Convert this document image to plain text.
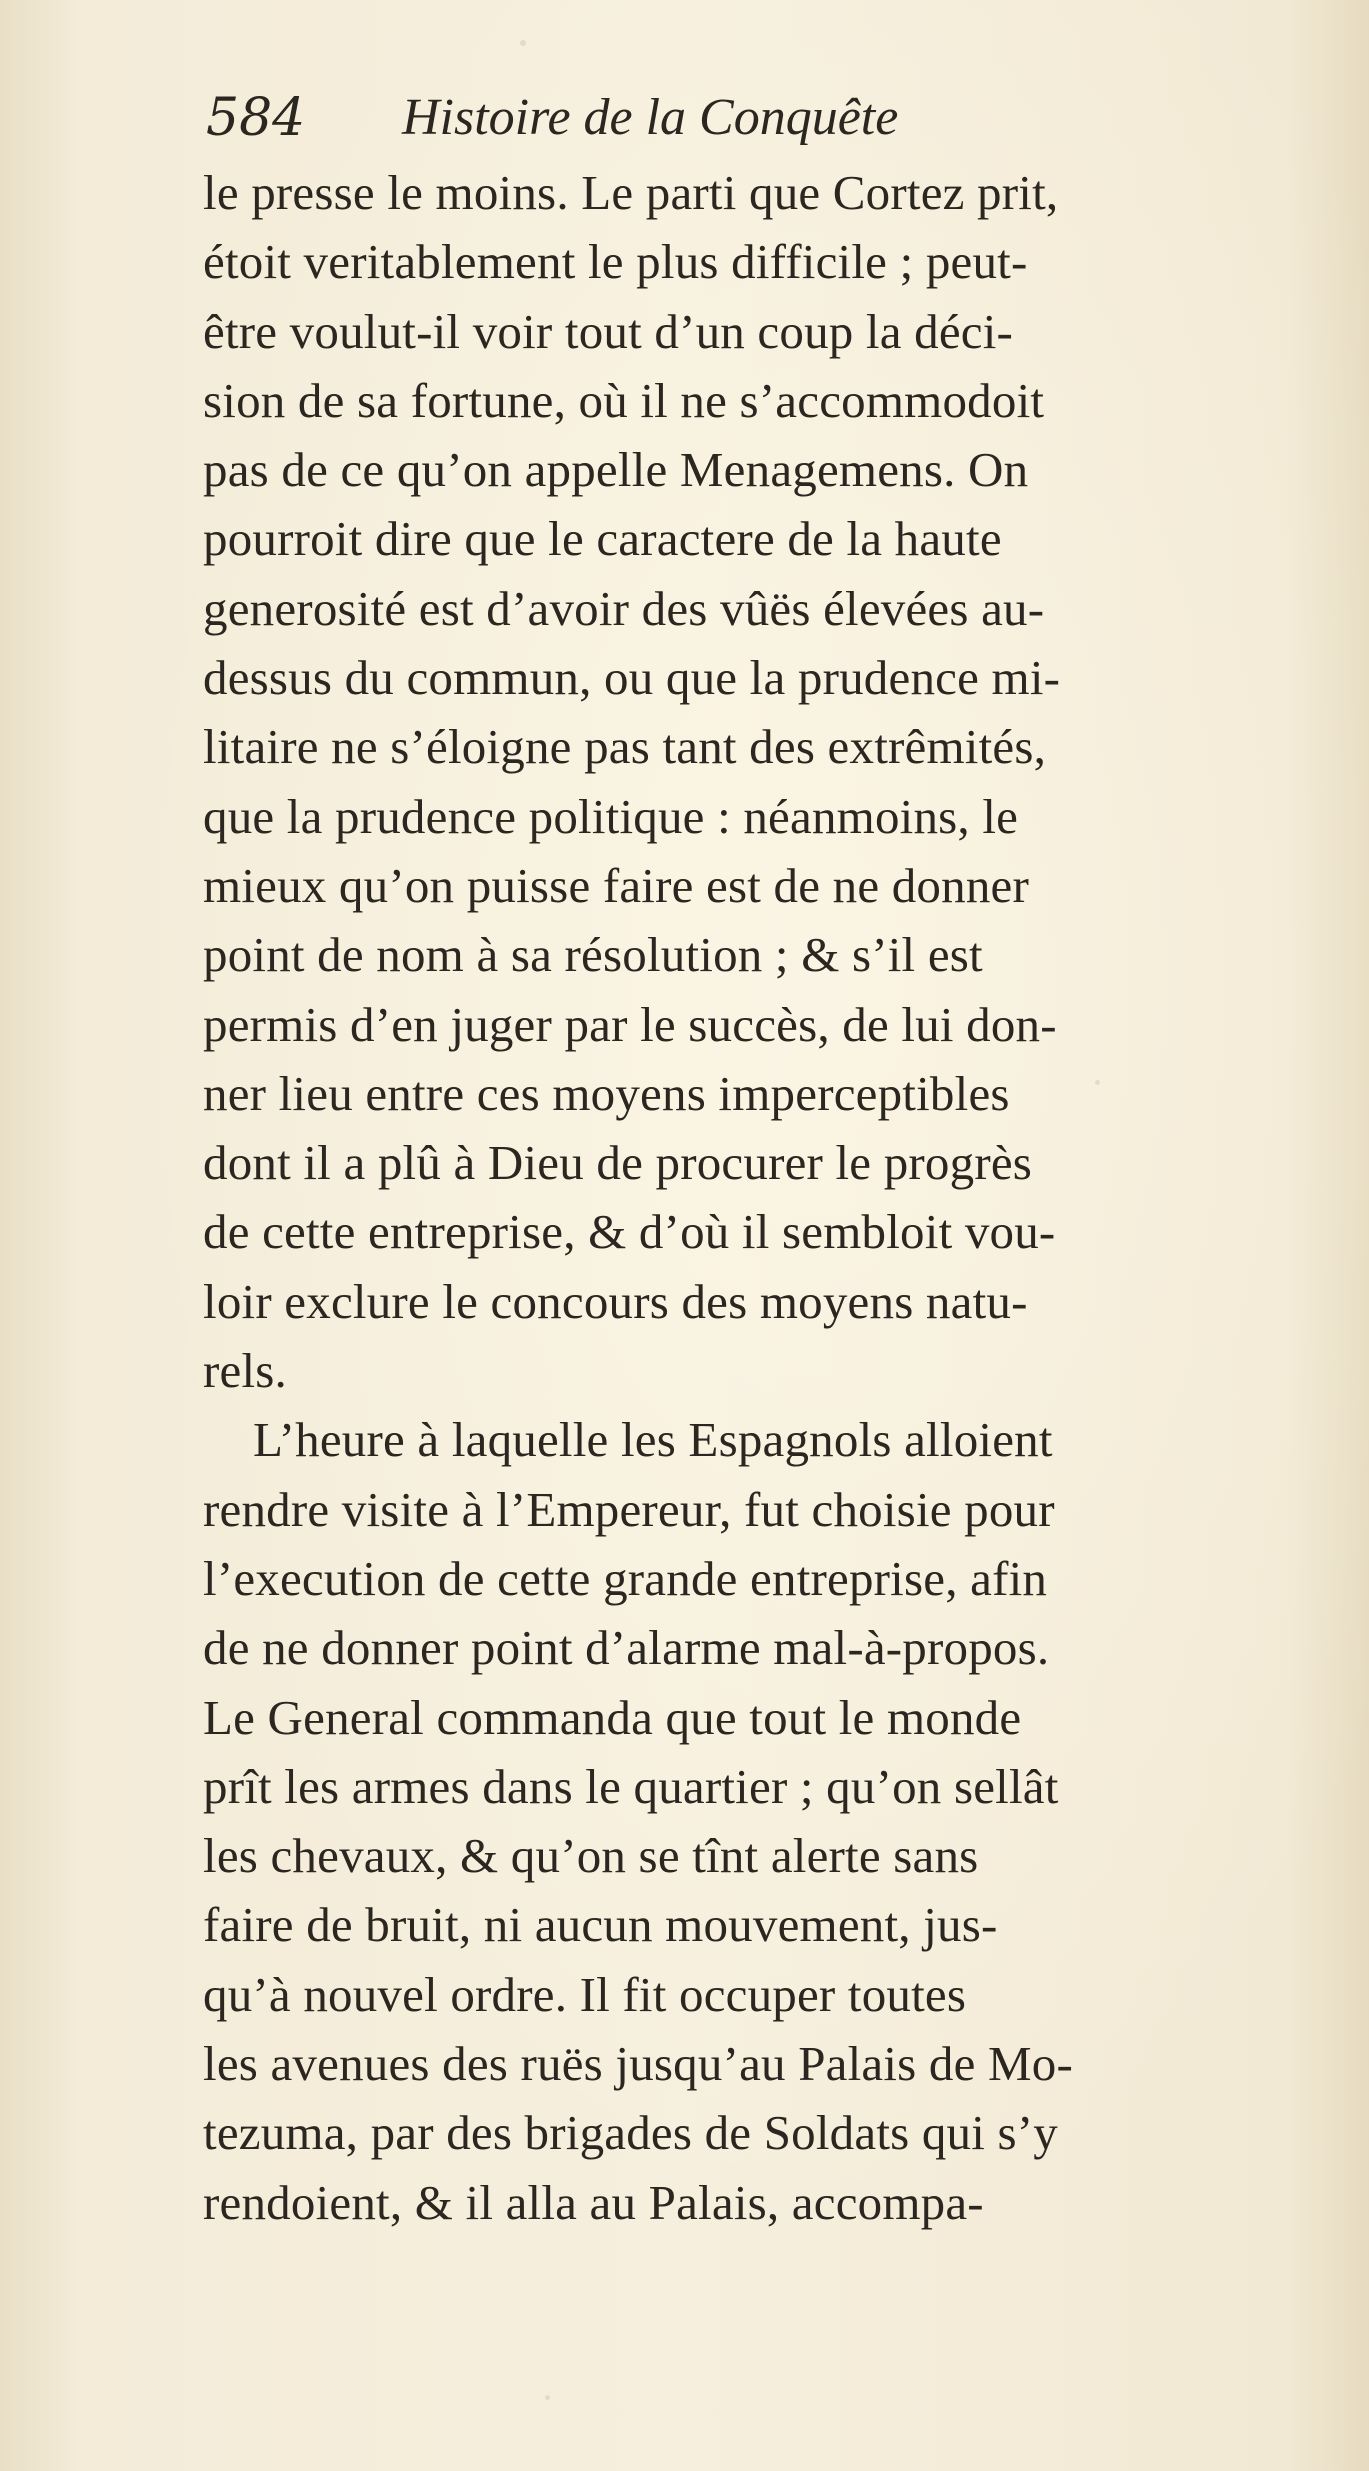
584 Histoire de la Conquête
le presse le moins. Le parti que Cortez prit,
étoit veritablement le plus difficile ; peut-
être voulut-il voir tout d’un coup la déci-
sion de sa fortune, où il ne s’accommodoit
pas de ce qu’on appelle Menagemens. On
pourroit dire que le caractere de la haute
generosité est d’avoir des vûës élevées au-
dessus du commun, ou que la prudence mi-
litaire ne s’éloigne pas tant des extrêmités,
que la prudence politique : néanmoins, le
mieux qu’on puisse faire est de ne donner
point de nom à sa résolution ; & s’il est
permis d’en juger par le succès, de lui don-
ner lieu entre ces moyens imperceptibles
dont il a plû à Dieu de procurer le progrès
de cette entreprise, & d’où il sembloit vou-
loir exclure le concours des moyens natu-
rels.
L’heure à laquelle les Espagnols alloient
rendre visite à l’Empereur, fut choisie pour
l’execution de cette grande entreprise, afin
de ne donner point d’alarme mal-à-propos.
Le General commanda que tout le monde
prît les armes dans le quartier ; qu’on sellât
les chevaux, & qu’on se tînt alerte sans
faire de bruit, ni aucun mouvement, jus-
qu’à nouvel ordre. Il fit occuper toutes
les avenues des ruës jusqu’au Palais de Mo-
tezuma, par des brigades de Soldats qui s’y
rendoient, & il alla au Palais, accompa-
